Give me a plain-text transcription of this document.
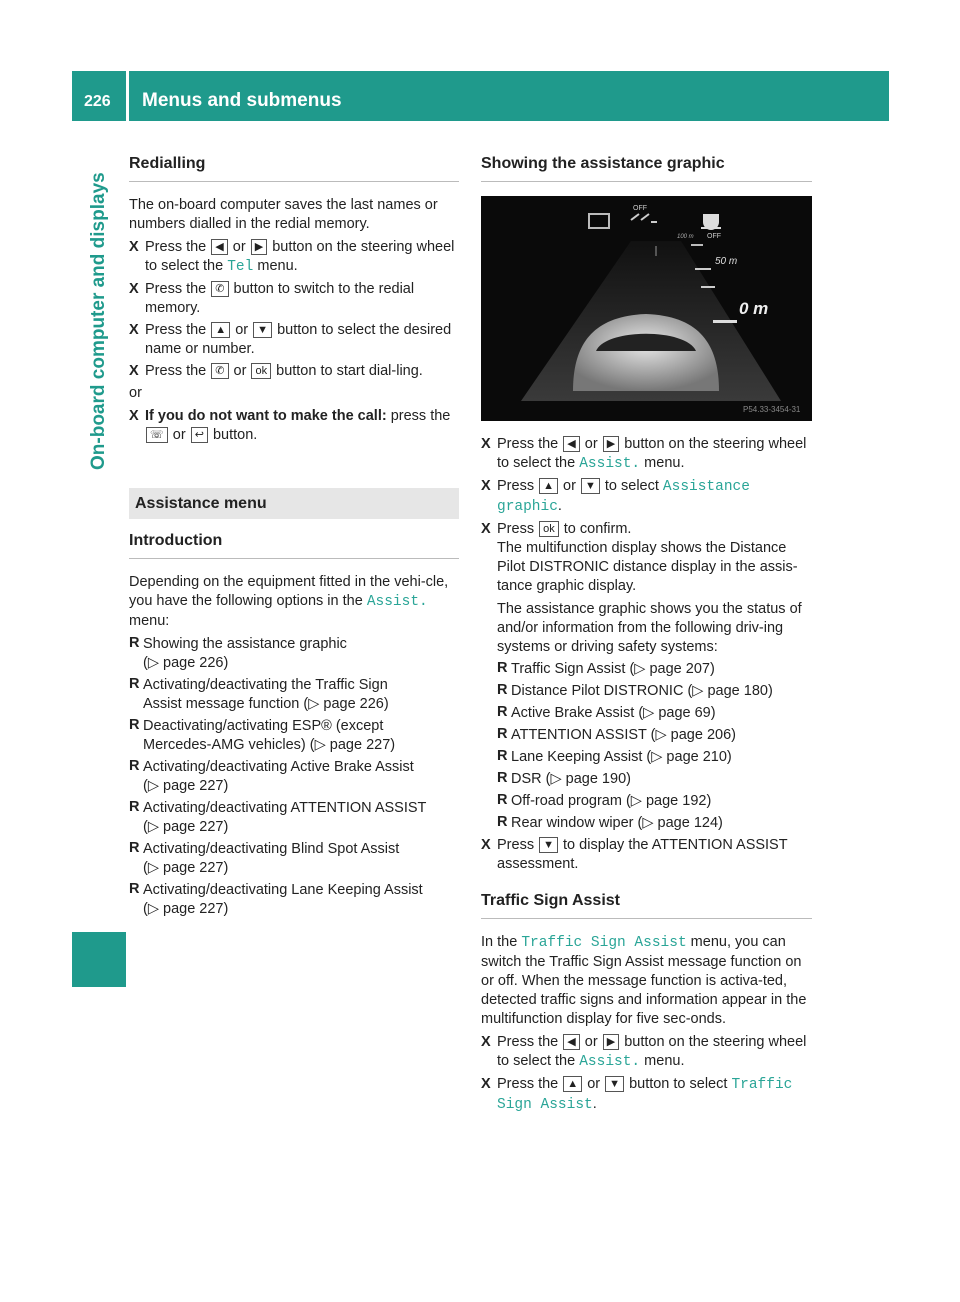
226 Menus and submenus
On-board computer and displays
Redialling

The on-board computer saves the last names or numbers dialled in the redial memory.

X Press the ◀ or ▶ button on the steering wheel to select the Tel menu.
X Press the ✆ button to switch to the redial memory.
X Press the ▲ or ▼ button to select the desired name or number.
X Press the ✆ or ok button to start dial-ling.

or

X If you do not want to make the call: press the ☏ or ↩ button.
Assistance menu
Introduction

Depending on the equipment fitted in the vehi-cle, you have the following options in the Assist. menu:

R Showing the assistance graphic
(▷ page 226)
R Activating/deactivating the Traffic Sign
Assist message function (▷ page 226)
R Deactivating/activating ESP® (except
Mercedes-AMG vehicles) (▷ page 227)
R Activating/deactivating Active Brake Assist
(▷ page 227)
R Activating/deactivating ATTENTION ASSIST
(▷ page 227)
R Activating/deactivating Blind Spot Assist
(▷ page 227)
R Activating/deactivating Lane Keeping Assist
(▷ page 227)
Showing the assistance graphic
OFF
OFF
100 m
50 m
0 m
P54.33-3454-31
X Press the ◀ or ▶ button on the steering wheel to select the Assist. menu.
X Press ▲ or ▼ to select Assistance graphic.
X Press ok to confirm.
The multifunction display shows the Distance Pilot DISTRONIC distance display in the assis-tance graphic display.

The assistance graphic shows you the status of and/or information from the following driv-ing systems or driving safety systems:
R Traffic Sign Assist (▷ page 207)
R Distance Pilot DISTRONIC (▷ page 180)
R Active Brake Assist (▷ page 69)
R ATTENTION ASSIST (▷ page 206)
R Lane Keeping Assist (▷ page 210)
R DSR (▷ page 190)
R Off-road program (▷ page 192)
R Rear window wiper (▷ page 124)
X Press ▼ to display the ATTENTION ASSIST assessment.
Traffic Sign Assist

In the Traffic Sign Assist menu, you can switch the Traffic Sign Assist message function on or off. When the message function is activa-ted, detected traffic signs and information appear in the multifunction display for five sec-onds.

X Press the ◀ or ▶ button on the steering wheel to select the Assist. menu.
X Press the ▲ or ▼ button to select Traffic Sign Assist.
